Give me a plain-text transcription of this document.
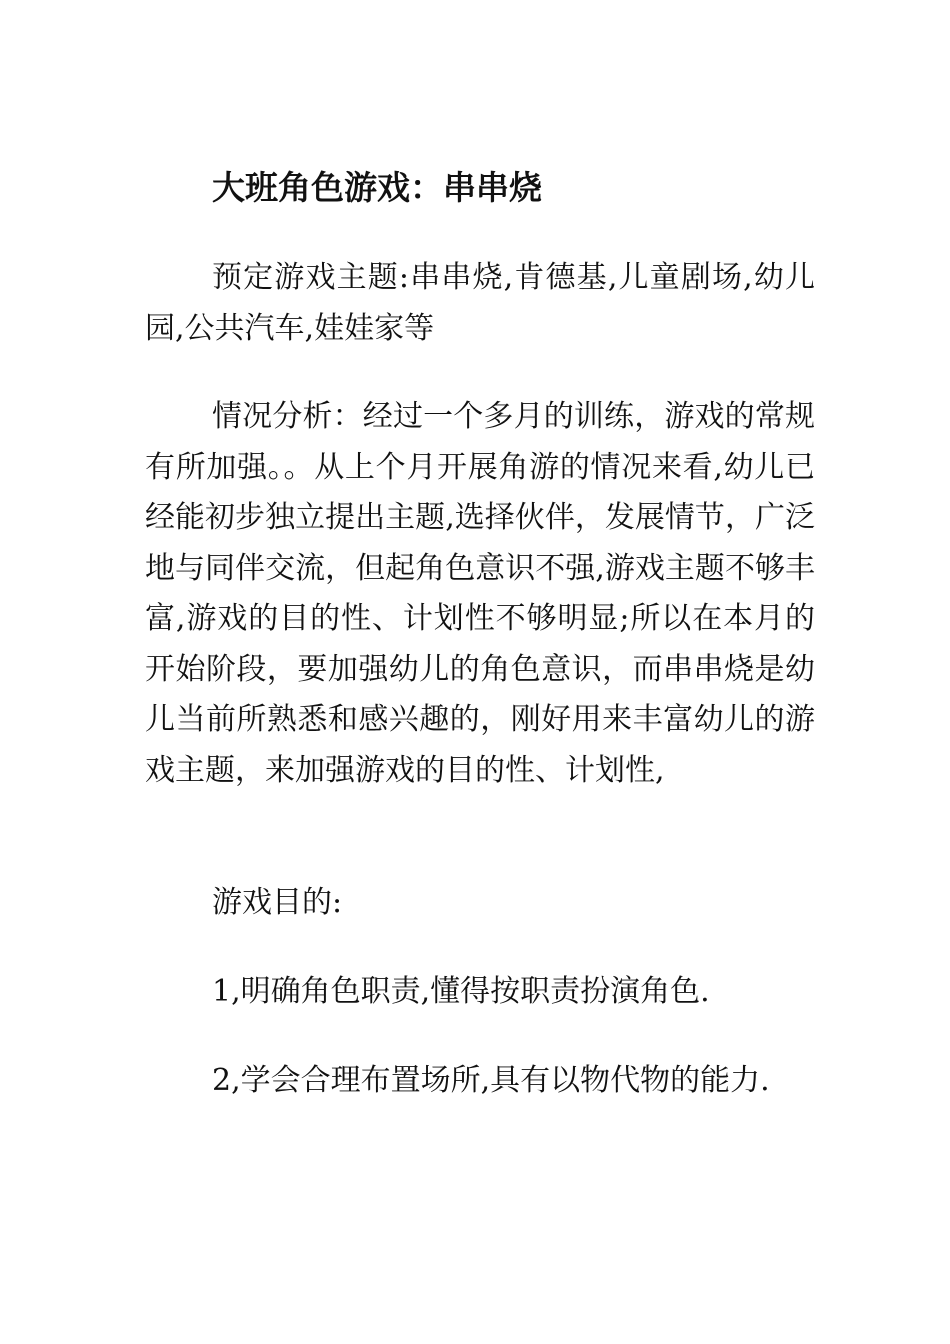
大班角色游戏：串串烧

预定游戏主题:串串烧,肯德基,儿童剧场,幼儿园,公共汽车,娃娃家等

情况分析：经过一个多月的训练，游戏的常规有所加强。。从上个月开展角游的情况来看,幼儿已经能初步独立提出主题,选择伙伴，发展情节，广泛地与同伴交流，但起角色意识不强,游戏主题不够丰富,游戏的目的性、计划性不够明显;所以在本月的开始阶段，要加强幼儿的角色意识，而串串烧是幼儿当前所熟悉和感兴趣的，刚好用来丰富幼儿的游戏主题，来加强游戏的目的性、计划性,

游戏目的:

1,明确角色职责,懂得按职责扮演角色.

2,学会合理布置场所,具有以物代物的能力.
